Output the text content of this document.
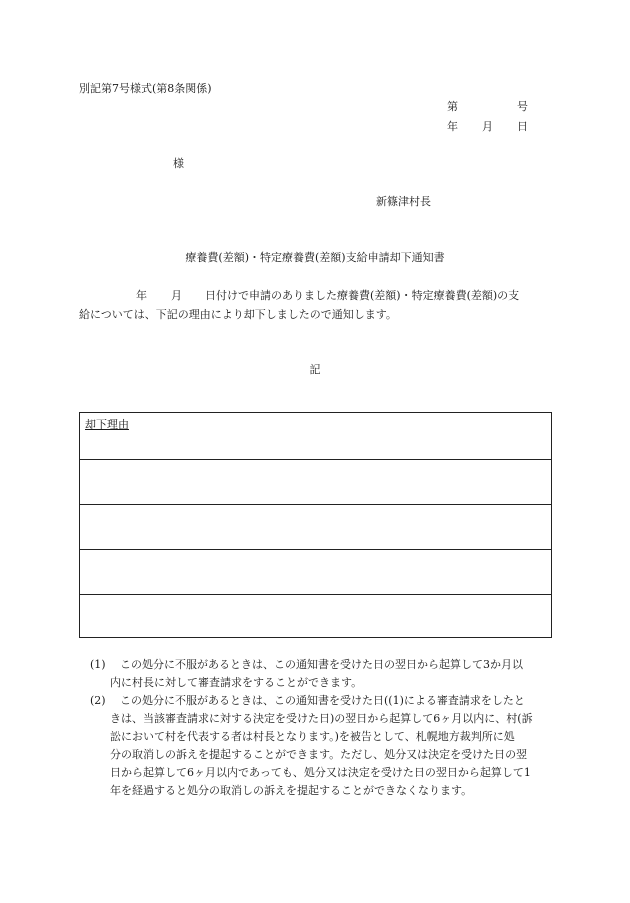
別記第7号様式(第8条関係)
第	号
年 月 日
様
新篠津村長
療養費(差額)・特定療養費(差額)支給申請却下通知書
年 月 日付けで申請のありました療養費(差額)・特定療養費(差額)の支
給については、下記の理由により却下しましたので通知します。
記
却下理由
(1)	この処分に不服があるときは、この通知書を受けた日の翌日から起算して3か月以
内に村長に対して審査請求をすることができます。
(2)	この処分に不服があるときは、この通知書を受けた日((1)による審査請求をしたと
きは、当該審査請求に対する決定を受けた日)の翌日から起算して6ヶ月以内に、村(訴
訟において村を代表する者は村長となります。)を被告として、札幌地方裁判所に処
分の取消しの訴えを提起することができます。ただし、処分又は決定を受けた日の翌
日から起算して6ヶ月以内であっても、処分又は決定を受けた日の翌日から起算して1
年を経過すると処分の取消しの訴えを提起することができなくなります。
